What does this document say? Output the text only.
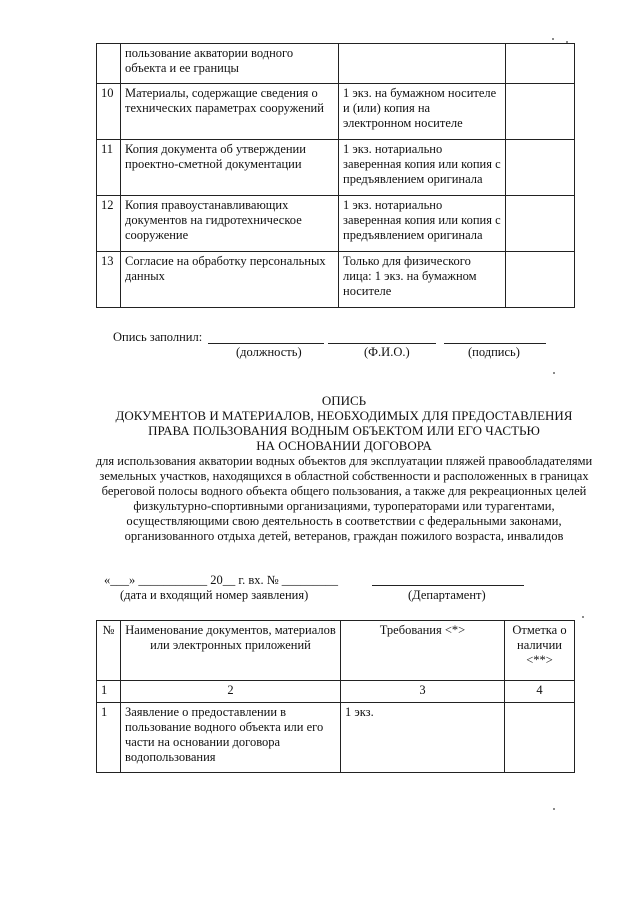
	пользование акватории водного объекта и ее границы		
10	Материалы, содержащие сведения о технических параметрах сооружений	1 экз. на бумажном носителе и (или) копия на электронном носителе	
11	Копия документа об утверждении проектно-сметной документации	1 экз. нотариально заверенная копия или копия с предъявлением оригинала	
12	Копия правоустанавливающих документов на гидротехническое сооружение	1 экз. нотариально заверенная копия или копия с предъявлением оригинала	
13	Согласие на обработку персональных данных	Только для физического лица: 1 экз. на бумажном носителе	
Опись заполнил:
(должность)	(Ф.И.О.)	(подпись)
ОПИСЬ
ДОКУМЕНТОВ И МАТЕРИАЛОВ, НЕОБХОДИМЫХ ДЛЯ ПРЕДОСТАВЛЕНИЯ
ПРАВА ПОЛЬЗОВАНИЯ ВОДНЫМ ОБЪЕКТОМ ИЛИ ЕГО ЧАСТЬЮ
НА ОСНОВАНИИ ДОГОВОРА
для использования акватории водных объектов для эксплуатации пляжей правообладателями земельных участков, находящихся в областной собственности и расположенных в границах береговой полосы водного объекта общего пользования, а также для рекреационных целей физкультурно-спортивными организациями, туроператорами или турагентами, осуществляющими свою деятельность в соответствии с федеральными законами, организованного отдыха детей, ветеранов, граждан пожилого возраста, инвалидов
«___» ___________ 20__ г. вх. № _________
(дата и входящий номер заявления)	(Департамент)
№	Наименование документов, материалов или электронных приложений	Требования <*>	Отметка о наличии <**>
1	2	3	4
1	Заявление о предоставлении в пользование водного объекта или его части на основании договора водопользования	1 экз.	
